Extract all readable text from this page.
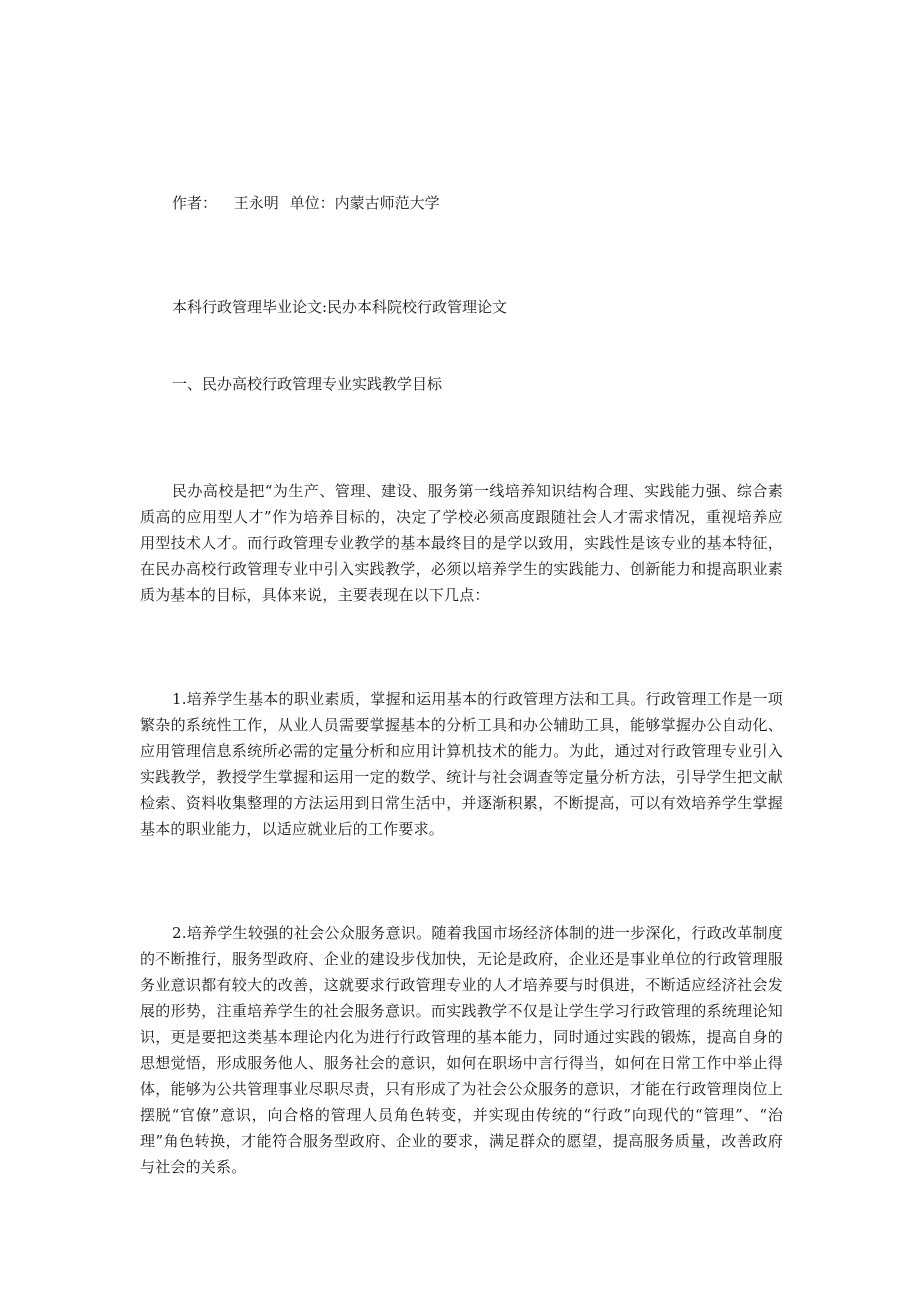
作者： 王永明 单位：内蒙古师范大学
本科行政管理毕业论文:民办本科院校行政管理论文
一、民办高校行政管理专业实践教学目标
民办高校是把“为生产、管理、建设、服务第一线培养知识结构合理、实践能力强、综合素质高的应用型人才”作为培养目标的，决定了学校必须高度跟随社会人才需求情况，重视培养应用型技术人才。而行政管理专业教学的基本最终目的是学以致用，实践性是该专业的基本特征，在民办高校行政管理专业中引入实践教学，必须以培养学生的实践能力、创新能力和提高职业素质为基本的目标，具体来说，主要表现在以下几点：
1.培养学生基本的职业素质，掌握和运用基本的行政管理方法和工具。行政管理工作是一项繁杂的系统性工作，从业人员需要掌握基本的分析工具和办公辅助工具，能够掌握办公自动化、应用管理信息系统所必需的定量分析和应用计算机技术的能力。为此，通过对行政管理专业引入实践教学，教授学生掌握和运用一定的数学、统计与社会调查等定量分析方法，引导学生把文献检索、资料收集整理的方法运用到日常生活中，并逐渐积累，不断提高，可以有效培养学生掌握基本的职业能力，以适应就业后的工作要求。
2.培养学生较强的社会公众服务意识。随着我国市场经济体制的进一步深化，行政改革制度的不断推行，服务型政府、企业的建设步伐加快，无论是政府，企业还是事业单位的行政管理服务业意识都有较大的改善，这就要求行政管理专业的人才培养要与时俱进，不断适应经济社会发展的形势，注重培养学生的社会服务意识。而实践教学不仅是让学生学习行政管理的系统理论知识，更是要把这类基本理论内化为进行行政管理的基本能力，同时通过实践的锻炼，提高自身的思想觉悟，形成服务他人、服务社会的意识，如何在职场中言行得当，如何在日常工作中举止得体，能够为公共管理事业尽职尽责，只有形成了为社会公众服务的意识，才能在行政管理岗位上摆脱“官僚”意识，向合格的管理人员角色转变，并实现由传统的“行政”向现代的“管理”、“治理”角色转换，才能符合服务型政府、企业的要求，满足群众的愿望，提高服务质量，改善政府与社会的关系。
